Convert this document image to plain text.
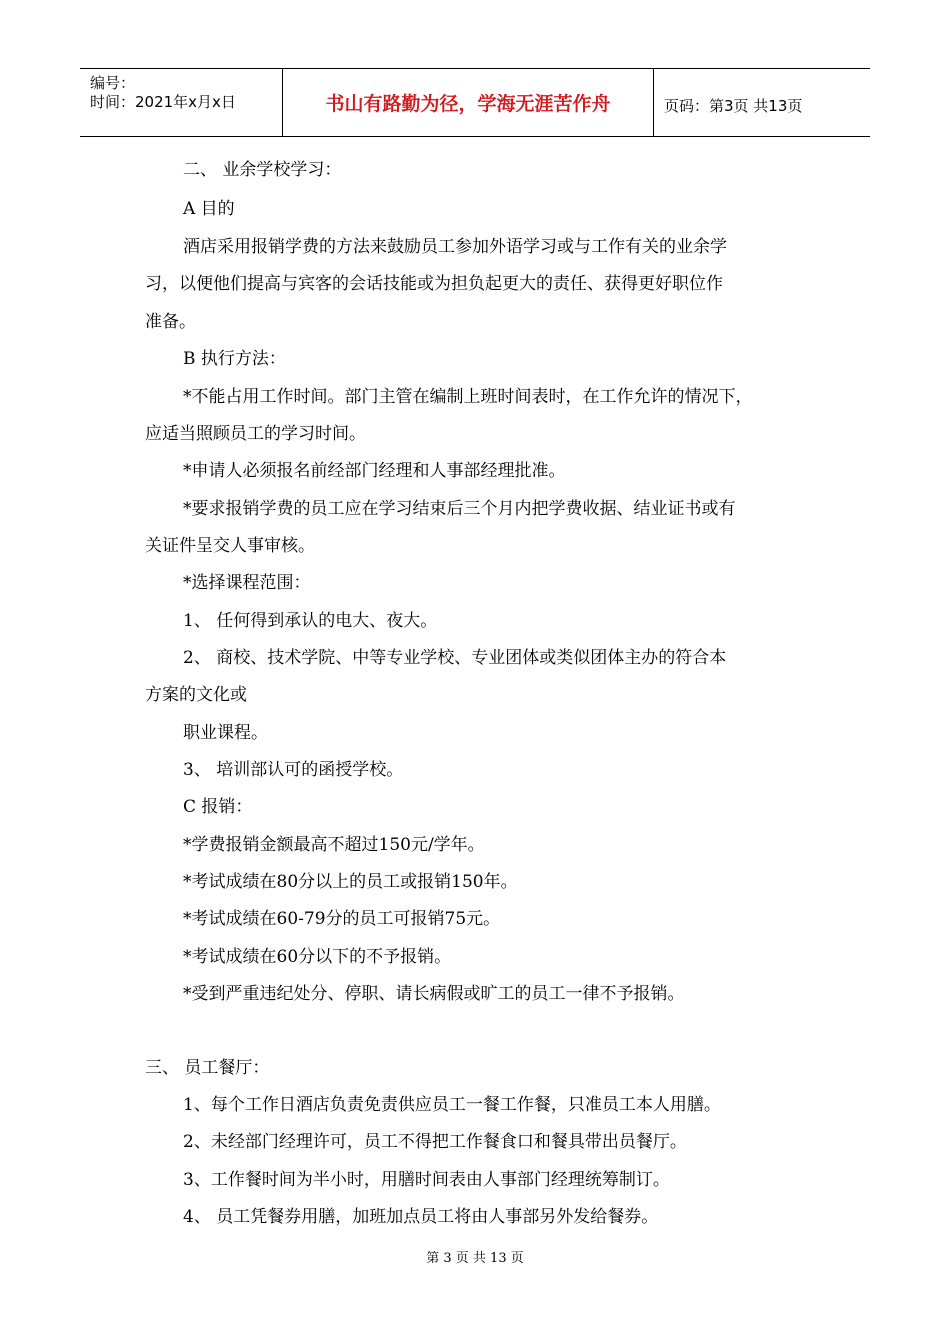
编号：
时间：2021年x月x日	书山有路勤为径，学海无涯苦作舟	页码：第3页 共13页
二、 业余学校学习：
A 目的
酒店采用报销学费的方法来鼓励员工参加外语学习或与工作有关的业余学
习，以便他们提高与宾客的会话技能或为担负起更大的责任、获得更好职位作
准备。
B 执行方法：
*不能占用工作时间。部门主管在编制上班时间表时，在工作允许的情况下，
应适当照顾员工的学习时间。
*申请人必须报名前经部门经理和人事部经理批准。
*要求报销学费的员工应在学习结束后三个月内把学费收据、结业证书或有
关证件呈交人事审核。
*选择课程范围：
1、 任何得到承认的电大、夜大。
2、 商校、技术学院、中等专业学校、专业团体或类似团体主办的符合本
方案的文化或
职业课程。
3、 培训部认可的函授学校。
C 报销：
*学费报销金额最高不超过150元/学年。
*考试成绩在80分以上的员工或报销150年。
*考试成绩在60-79分的员工可报销75元。
*考试成绩在60分以下的不予报销。
*受到严重违纪处分、停职、请长病假或旷工的员工一律不予报销。
三、 员工餐厅：
1、每个工作日酒店负责免责供应员工一餐工作餐，只准员工本人用膳。
2、未经部门经理许可，员工不得把工作餐食口和餐具带出员餐厅。
3、工作餐时间为半小时，用膳时间表由人事部门经理统筹制订。
4、 员工凭餐券用膳，加班加点员工将由人事部另外发给餐券。
第 3 页 共 13 页
